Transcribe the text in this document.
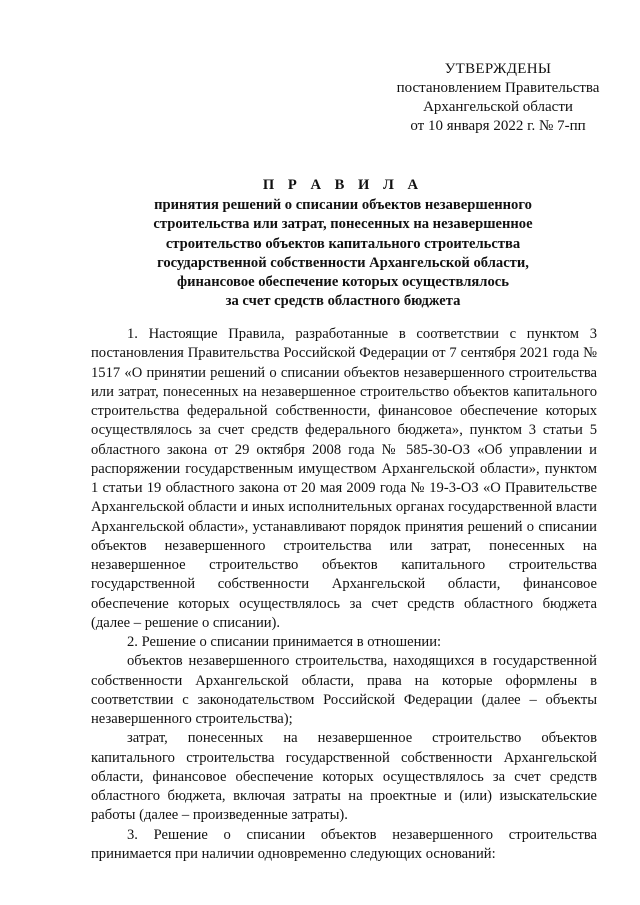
УТВЕРЖДЕНЫ
постановлением Правительства
Архангельской области
от 10 января 2022 г. № 7-пп
П Р А В И Л А
принятия решений о списании объектов незавершенного
строительства или затрат, понесенных на незавершенное
строительство объектов капитального строительства
государственной собственности Архангельской области,
финансовое обеспечение которых осуществлялось
за счет средств областного бюджета

1. Настоящие Правила, разработанные в соответствии с пунктом 3 постановления Правительства Российской Федерации от 7 сентября 2021 года № 1517 «О принятии решений о списании объектов незавершенного строительства или затрат, понесенных на незавершенное строительство объектов капитального строительства федеральной собственности, финансовое обеспечение которых осуществлялось за счет средств федерального бюджета», пунктом 3 статьи 5 областного закона от 29 октября 2008 года № 585-30-ОЗ «Об управлении и распоряжении государственным имуществом Архангельской области», пунктом 1 статьи 19 областного закона от 20 мая 2009 года № 19-3-ОЗ «О Правительстве Архангельской области и иных исполнительных органах государственной власти Архангельской области», устанавливают порядок принятия решений о списании объектов незавершенного строительства или затрат, понесенных на незавершенное строительство объектов капитального строительства государственной собственности Архангельской области, финансовое обеспечение которых осуществлялось за счет средств областного бюджета (далее – решение о списании).

2. Решение о списании принимается в отношении:

объектов незавершенного строительства, находящихся в государственной собственности Архангельской области, права на которые оформлены в соответствии с законодательством Российской Федерации (далее – объекты незавершенного строительства);

затрат, понесенных на незавершенное строительство объектов капитального строительства государственной собственности Архангельской области, финансовое обеспечение которых осуществлялось за счет средств областного бюджета, включая затраты на проектные и (или) изыскательские работы (далее – произведенные затраты).

3. Решение о списании объектов незавершенного строительства принимается при наличии одновременно следующих оснований:
